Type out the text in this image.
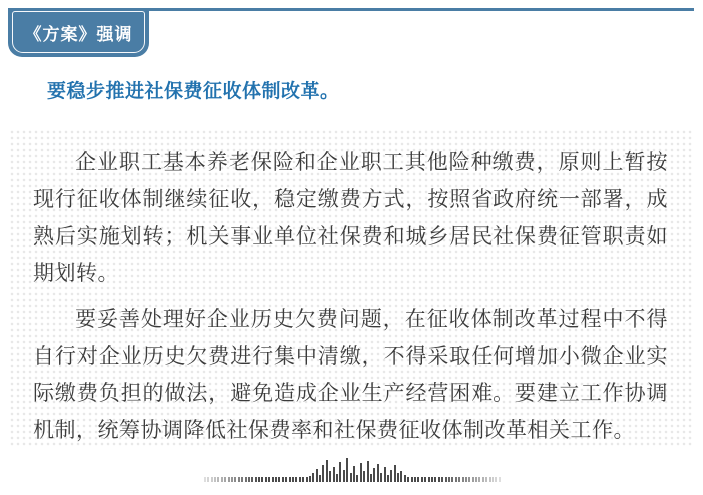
《方案》强调
要稳步推进社保费征收体制改革。

企业职工基本养老保险和企业职工其他险种缴费，原则上暂按现行征收体制继续征收，稳定缴费方式，按照省政府统一部署，成熟后实施划转；机关事业单位社保费和城乡居民社保费征管职责如期划转。

要妥善处理好企业历史欠费问题，在征收体制改革过程中不得自行对企业历史欠费进行集中清缴，不得采取任何增加小微企业实际缴费负担的做法，避免造成企业生产经营困难。要建立工作协调机制，统筹协调降低社保费率和社保费征收体制改革相关工作。
